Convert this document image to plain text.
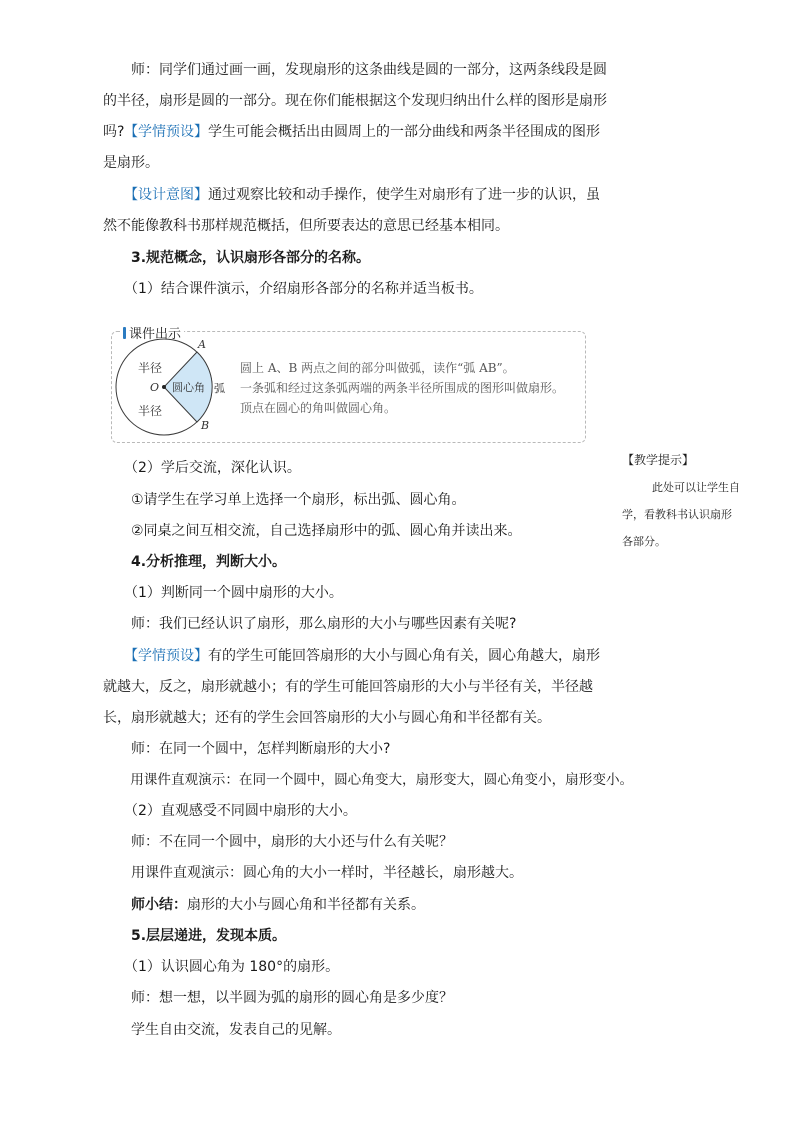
　　师：同学们通过画一画，发现扇形的这条曲线是圆的一部分，这两条线段是圆的半径，扇形是圆的一部分。现在你们能根据这个发现归纳出什么样的图形是扇形吗?
　　 【学情预设】学生可能会概括出由圆周上的一部分曲线和两条半径围成的图形是扇形。
　　【设计意图】通过观察比较和动手操作，使学生对扇形有了进一步的认识，虽然不能像教科书那样规范概括，但所要表达的意思已经基本相同。
　　3.规范概念，认识扇形各部分的名称。
　　（1）结合课件演示，介绍扇形各部分的名称并适当板书。
课件出示
半径
半径
O 圆心角 弧
A
B
圆上 A、B 两点之间的部分叫做弧，读作“弧 AB”。
一条弧和经过这条弧两端的两条半径所围成的图形叫做扇形。
顶点在圆心的角叫做圆心角。
　　（2）学后交流，深化认识。
　　①请学生在学习单上选择一个扇形，标出弧、圆心角。
　　②同桌之间互相交流，自己选择扇形中的弧、圆心角并读出来。
　　4.分析推理，判断大小。
　　（1）判断同一个圆中扇形的大小。
　　师：我们已经认识了扇形，那么扇形的大小与哪些因素有关呢?
　　【学情预设】有的学生可能回答扇形的大小与圆心角有关，圆心角越大，扇形就越大，反之，扇形就越小；有的学生可能回答扇形的大小与半径有关，半径越长，扇形就越大；还有的学生会回答扇形的大小与圆心角和半径都有关。
　　师：在同一个圆中，怎样判断扇形的大小?
　　用课件直观演示：在同一个圆中，圆心角变大，扇形变大，圆心角变小，扇形变小。
　　（2）直观感受不同圆中扇形的大小。
　　师：不在同一个圆中，扇形的大小还与什么有关呢？
　　用课件直观演示：圆心角的大小一样时，半径越长，扇形越大。
　　师小结：扇形的大小与圆心角和半径都有关系。
　　5.层层递进，发现本质。
　　（1）认识圆心角为 180°的扇形。
　　师：想一想，以半圆为弧的扇形的圆心角是多少度？
　　学生自由交流，发表自己的见解。
【教学提示】
此处可以让学生自学，看教科书认识扇形各部分。
